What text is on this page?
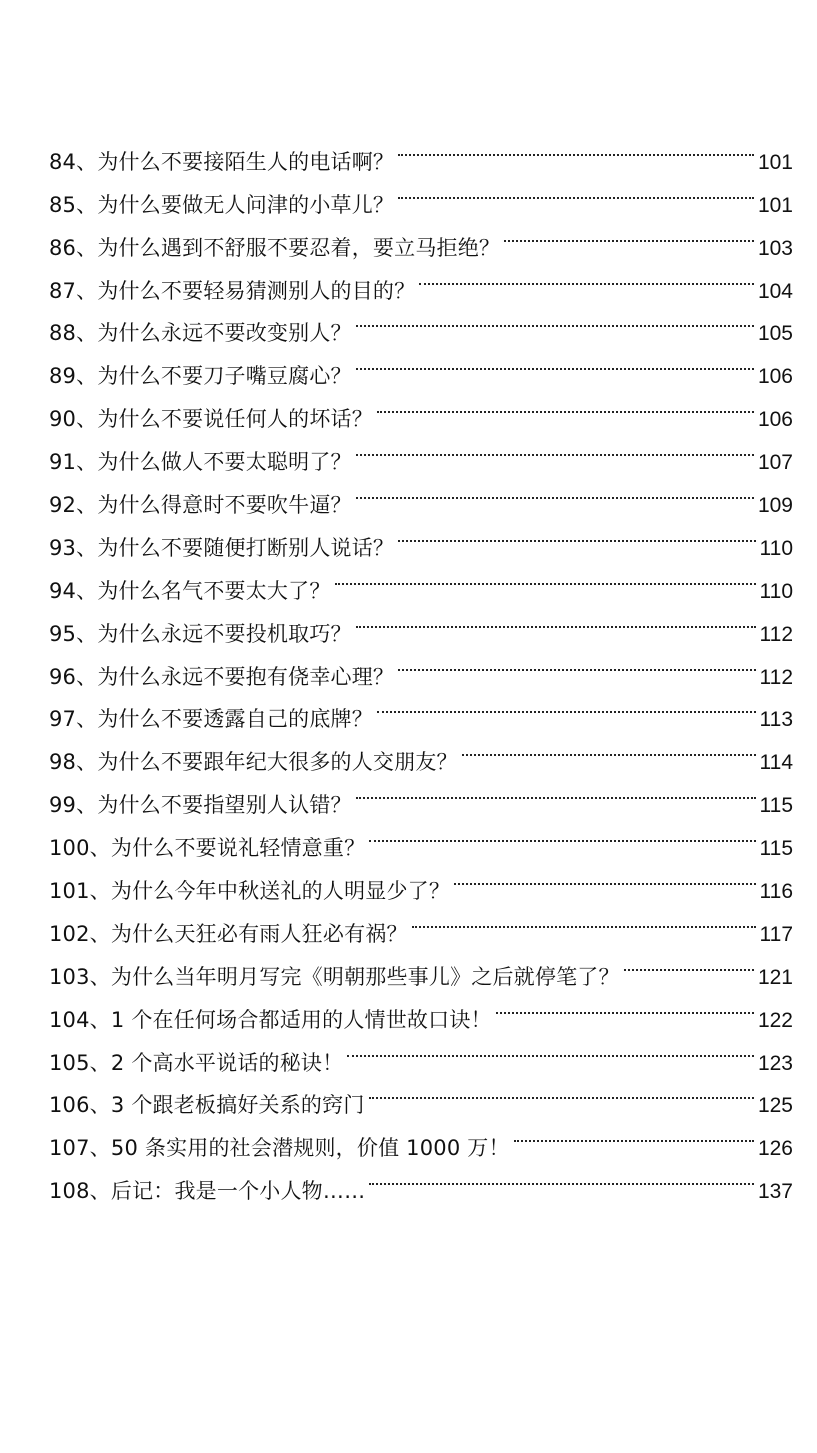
84、为什么不要接陌生人的电话啊？	101
85、为什么要做无人问津的小草儿？	101
86、为什么遇到不舒服不要忍着，要立马拒绝？	103
87、为什么不要轻易猜测别人的目的？	104
88、为什么永远不要改变别人？	105
89、为什么不要刀子嘴豆腐心？	106
90、为什么不要说任何人的坏话？	106
91、为什么做人不要太聪明了？	107
92、为什么得意时不要吹牛逼？	109
93、为什么不要随便打断别人说话？	110
94、为什么名气不要太大了？	110
95、为什么永远不要投机取巧？	112
96、为什么永远不要抱有侥幸心理？	112
97、为什么不要透露自己的底牌？	113
98、为什么不要跟年纪大很多的人交朋友？	114
99、为什么不要指望别人认错？	115
100、为什么不要说礼轻情意重？	115
101、为什么今年中秋送礼的人明显少了？	116
102、为什么天狂必有雨人狂必有祸？	117
103、为什么当年明月写完《明朝那些事儿》之后就停笔了？	121
104、1 个在任何场合都适用的人情世故口诀！	122
105、2 个高水平说话的秘诀！	123
106、3 个跟老板搞好关系的窍门	125
107、50 条实用的社会潜规则，价值 1000 万！	126
108、后记：我是一个小人物……	137
